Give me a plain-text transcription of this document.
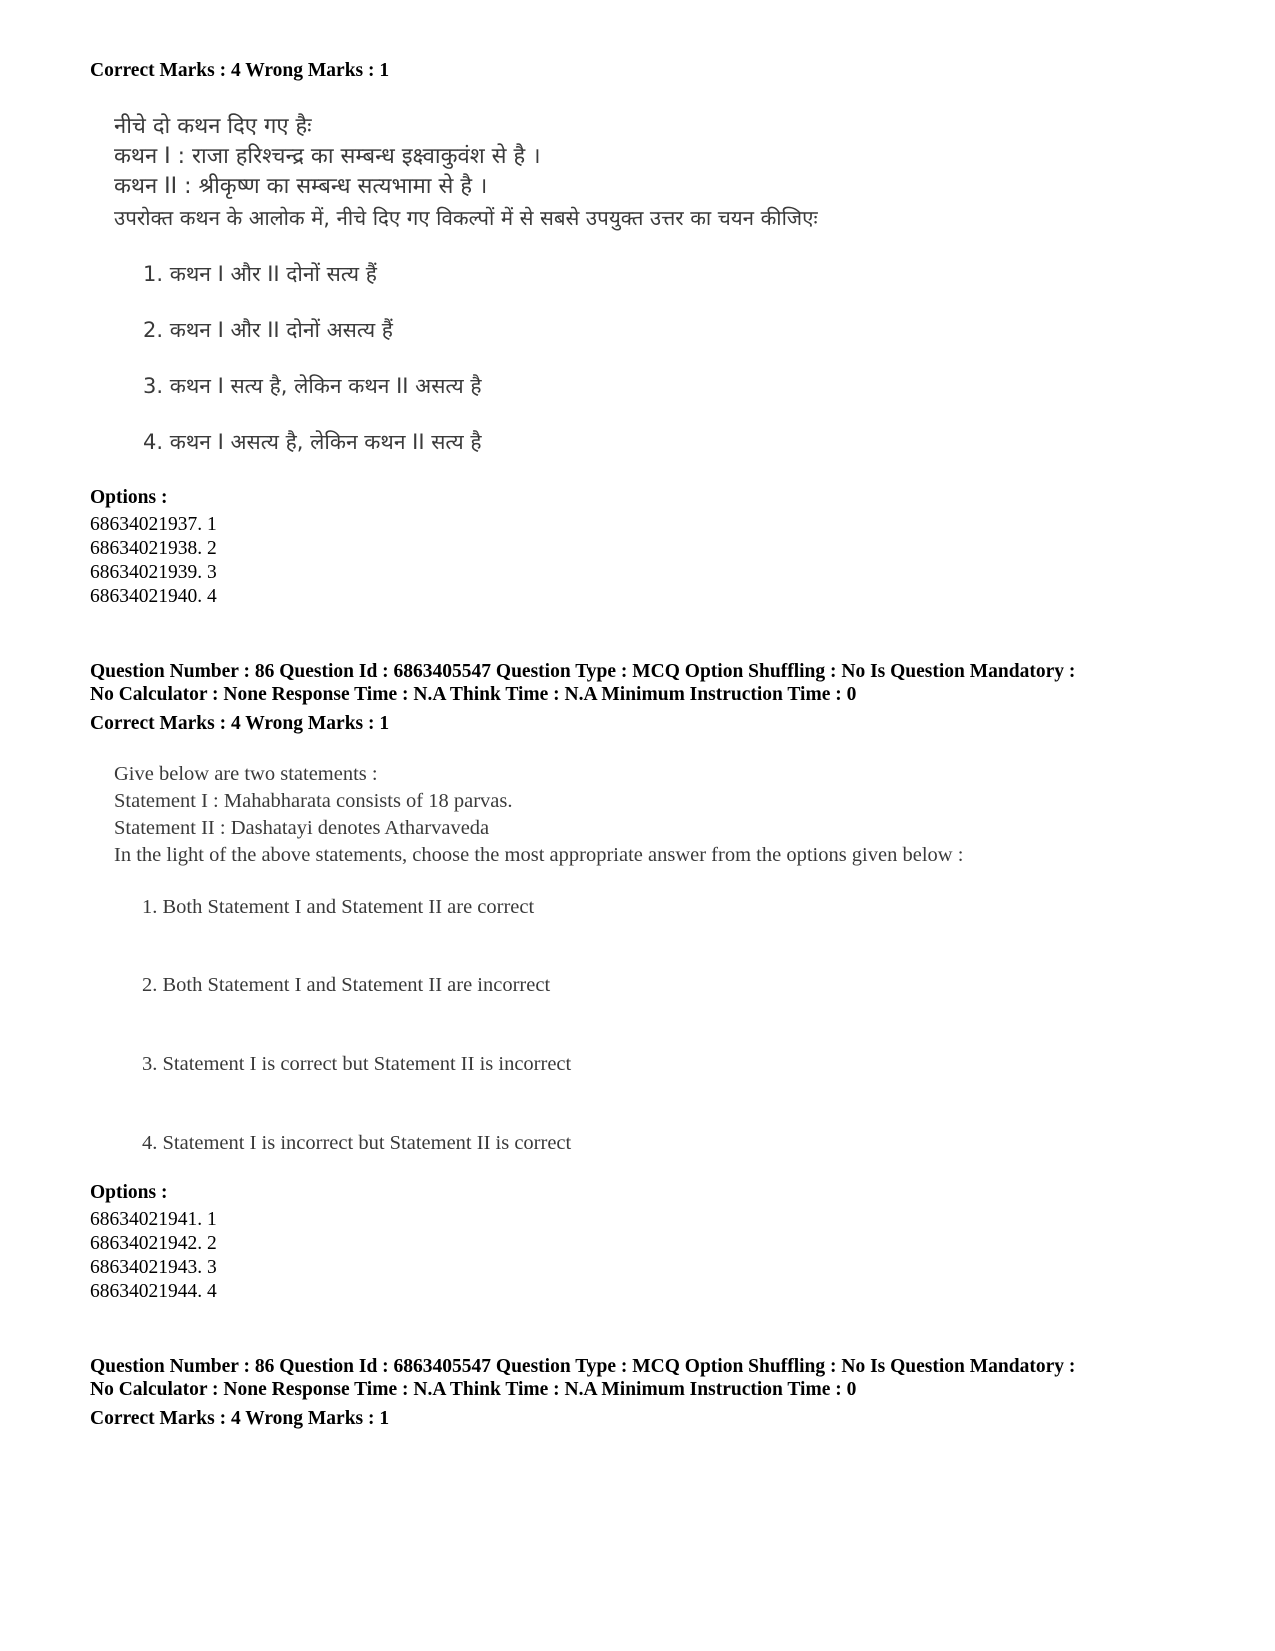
Correct Marks : 4 Wrong Marks : 1
नीचे दो कथन दिए गए हैः
कथन I : राजा हरिश्चन्द्र का सम्बन्ध इक्ष्वाकुवंश से है ।
कथन II : श्रीकृष्ण का सम्बन्ध सत्यभामा से है ।
उपरोक्त कथन के आलोक में, नीचे दिए गए विकल्पों में से सबसे उपयुक्त उत्तर का चयन कीजिएः
1. कथन I और II दोनों सत्य हैं
2. कथन I और II दोनों असत्य हैं
3. कथन I सत्य है, लेकिन कथन II असत्य है
4. कथन I असत्य है, लेकिन कथन II सत्य है
Options :
68634021937. 1
68634021938. 2
68634021939. 3
68634021940. 4
Question Number : 86 Question Id : 6863405547 Question Type : MCQ Option Shuffling : No Is Question Mandatory :
No Calculator : None Response Time : N.A Think Time : N.A Minimum Instruction Time : 0
Correct Marks : 4 Wrong Marks : 1
Give below are two statements :
Statement I : Mahabharata consists of 18 parvas.
Statement II : Dashatayi denotes Atharvaveda
In the light of the above statements, choose the most appropriate answer from the options given below :
1. Both Statement I and Statement II are correct
2. Both Statement I and Statement II are incorrect
3. Statement I is correct but Statement II is incorrect
4. Statement I is incorrect but Statement II is correct
Options :
68634021941. 1
68634021942. 2
68634021943. 3
68634021944. 4
Question Number : 86 Question Id : 6863405547 Question Type : MCQ Option Shuffling : No Is Question Mandatory :
No Calculator : None Response Time : N.A Think Time : N.A Minimum Instruction Time : 0
Correct Marks : 4 Wrong Marks : 1
